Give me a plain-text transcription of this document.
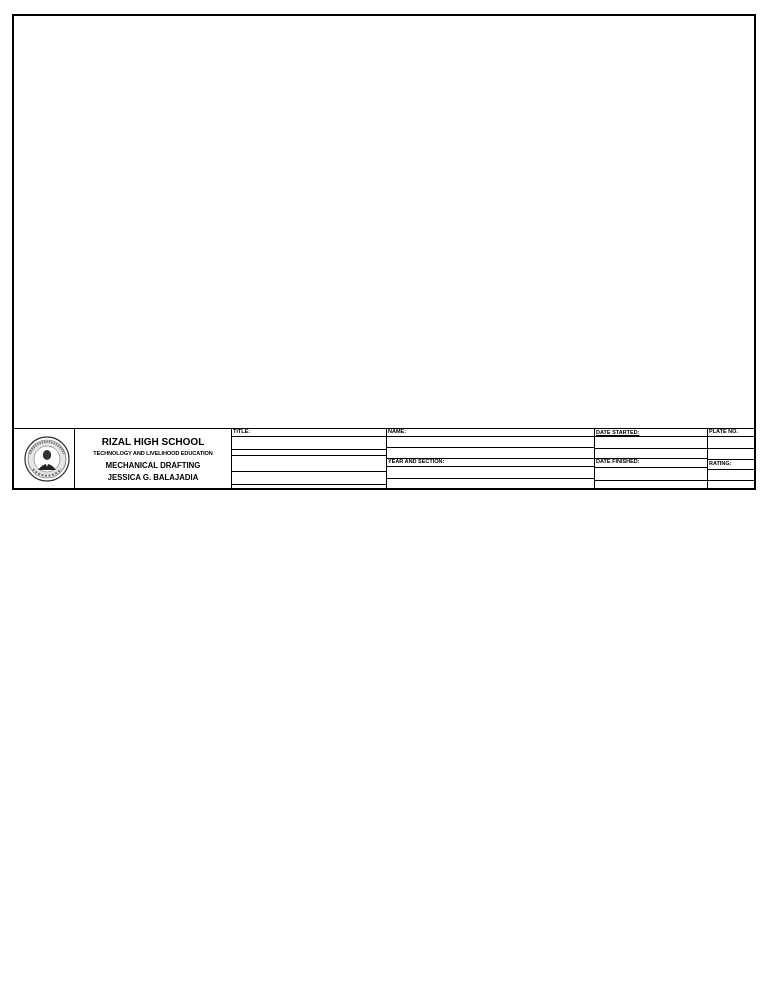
RIZAL HIGH SCHOOL
TECHNOLOGY AND LIVELIHOOD EDUCATION
MECHANICAL DRAFTING
JESSICA G. BALAJADIA
TITLE:	NAME:
YEAR AND SECTION:
DATE STARTED:
DATE FINISHED:
PLATE NO.
RATING:
